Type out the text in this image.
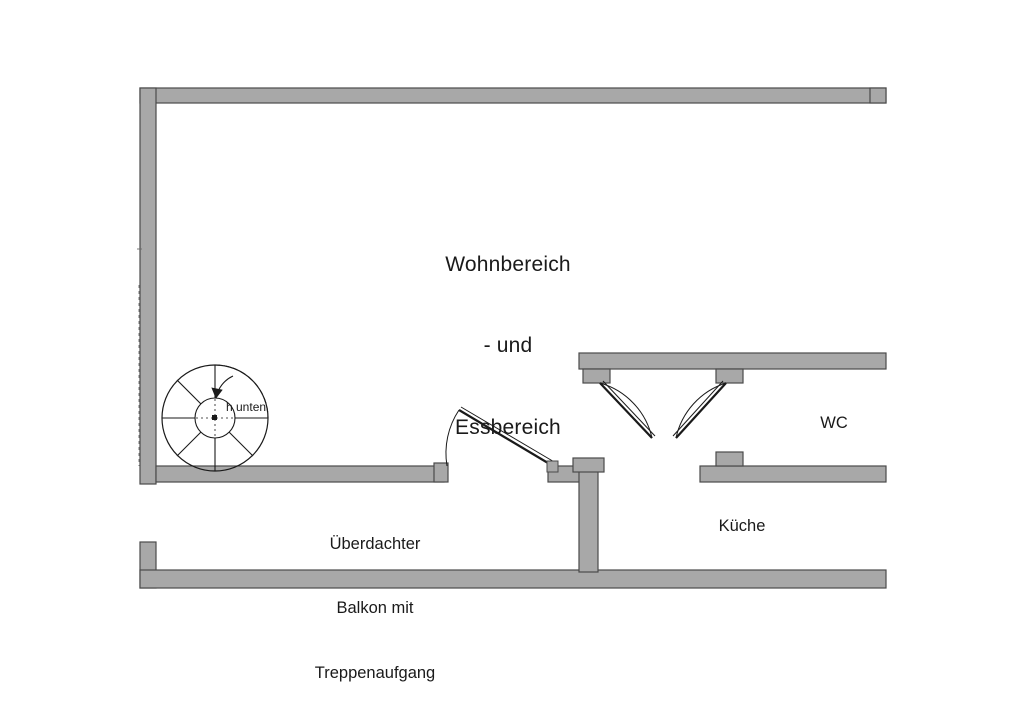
Wohnbereich

- und

Essbereich

Überdachter

Balkon mit

Treppenaufgang

Küche
WC
h unten
